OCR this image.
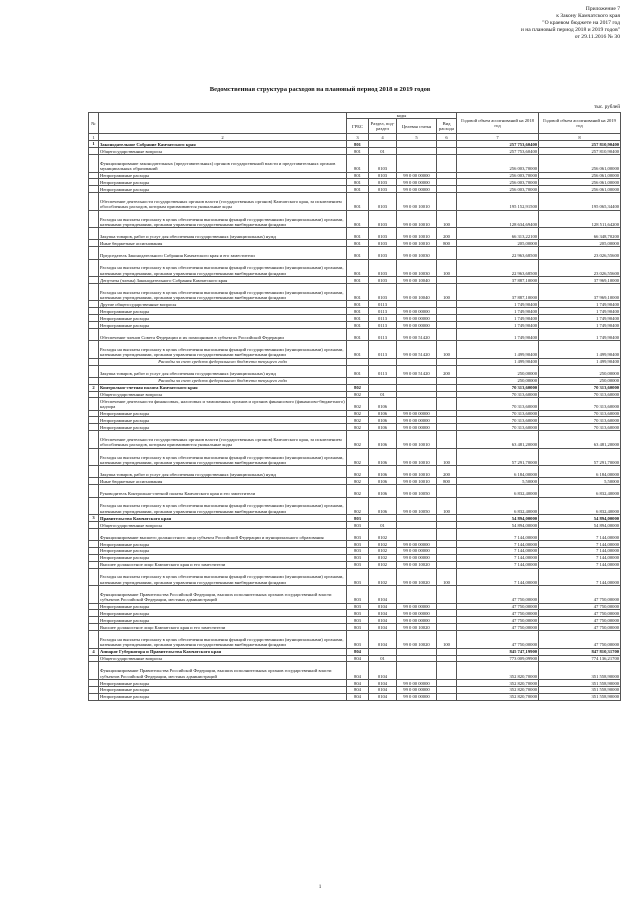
Приложение 7
к Закону Камчатского края
"О краевом бюджете на 2017 год
и на плановый период 2018 и 2019 годов"
от 29.11.2016 № 30
Ведомственная структура расходов на плановый период 2018 и 2019 годов
тыс. рублей
№		коды				Годовой объем ассигнований на 2018 год	Годовой объем ассигнований на 2019 год
		ГРБС	Раздел, под-раздел	Целевая статья	Вид расхода		
1	2	3	4	5	6	7	8
1	Законодательное Собрание Камчатского края	801				257 753,60400	257 810,90400
	Общегосударственные вопросы	801	01			257 753,60400	257 810,90400
	Функционирование законодательных (представительных) органов государственной власти и представительных органов муниципальных образований	801	0103			256 003,70000	256 061,00000
	Непрограммные расходы	801	0103	99 0 00 00000		256 003,70000	256 061,00000
	Непрограммные расходы	801	0103	99 0 00 00000		256 003,70000	256 061,00000
	Непрограммные расходы	801	0103	99 0 00 00000		256 003,70000	256 061,00000
	Обеспечение деятельности государственных органов власти (государственных органов) Камчатского края, за исключением обособленных расходов, которым присваиваются уникальные коды	801	0103	99 0 00 10010		195 152,91500	195 065,34400
	Расходы на выплаты персоналу в целях обеспечения выполнения функций государственными (муниципальными) органами, казенными учреждениями, органами управления государственными внебюджетными фондами	801	0103	99 0 00 10010	100	128 634,69400	128 511,64200
	Закупка товаров, работ и услуг для обеспечения государственных (муниципальных) нужд	801	0103	99 0 00 10010	200	66 313,22100	66 348,70200
	Иные бюджетные ассигнования	801	0103	99 0 00 10010	800	205,00000	205,00000
	Председатель Законодательного Собрания Камчатского края и его заместители	801	0103	99 0 00 10030		22 963,68500	23 026,55600
	Расходы на выплаты персоналу в целях обеспечения выполнения функций государственными (муниципальными) органами, казенными учреждениями, органами управления государственными внебюджетными фондами	801	0103	99 0 00 10030	100	22 963,68500	23 026,55600
	Депутаты (члены) Законодательного Собрания Камчатского края	801	0103	99 0 00 10040		37 887,10000	37 969,10000
	Расходы на выплаты персоналу в целях обеспечения выполнения функций государственными (муниципальными) органами, казенными учреждениями, органами управления государственными внебюджетными фондами	801	0103	99 0 00 10040	100	37 887,10000	37 969,10000
	Другие общегосударственные вопросы	801	0113			1 749,90400	1 749,90400
	Непрограммные расходы	801	0113	99 0 00 00000		1 749,90400	1 749,90400
	Непрограммные расходы	801	0113	99 0 00 00000		1 749,90400	1 749,90400
	Непрограммные расходы	801	0113	99 0 00 00000		1 749,90400	1 749,90400
	Обеспечение членов Совета Федерации и их помощников в субъектах Российской Федерации	801	0113	99 0 00 51420		1 749,90400	1 749,90400
	Расходы на выплаты персоналу в целях обеспечения выполнения функций государственными (муниципальными) органами, казенными учреждениями, органами управления государственными внебюджетными фондами	801	0113	99 0 00 51420	100	1 499,90400	1 499,90400
	Расходы за счет средств федерального бюджета текущего года					1 499,90400	1 499,90400
	Закупка товаров, работ и услуг для обеспечения государственных (муниципальных) нужд	801	0113	99 0 00 51420	200	250,00000	250,00000
	Расходы за счет средств федерального бюджета текущего года					250,00000	250,00000
2	Контрольно-счетная палата Камчатского края	802				70 313,60000	70 313,60000
	Общегосударственные вопросы	802	01			70 313,60000	70 313,60000
	Обеспечение деятельности финансовых, налоговых и таможенных органов и органов финансового (финансово-бюджетного) надзора	802	0106			70 313,60000	70 313,60000
	Непрограммные расходы	802	0106	99 0 00 00000		70 313,60000	70 313,60000
	Непрограммные расходы	802	0106	99 0 00 00000		70 313,60000	70 313,60000
	Непрограммные расходы	802	0106	99 0 00 00000		70 313,60000	70 313,60000
	Обеспечение деятельности государственных органов власти (государственных органов) Камчатского края, за исключением обособленных расходов, которым присваиваются уникальные коды	802	0106	99 0 00 10010		63 481,20000	63 481,20000
	Расходы на выплаты персоналу в целях обеспечения выполнения функций государственными (муниципальными) органами, казенными учреждениями, органами управления государственными внебюджетными фондами	802	0106	99 0 00 10010	100	57 291,70000	57 291,70000
	Закупка товаров, работ и услуг для обеспечения государственных (муниципальных) нужд	802	0106	99 0 00 10010	200	6 184,00000	6 184,00000
	Иные бюджетные ассигнования	802	0106	99 0 00 10010	800	5,50000	5,50000
	Руководитель Контрольно-счетной палаты Камчатского края и его заместители	802	0106	99 0 00 10050		6 832,40000	6 832,40000
	Расходы на выплаты персоналу в целях обеспечения выполнения функций государственными (муниципальными) органами, казенными учреждениями, органами управления государственными внебюджетными фондами	802	0106	99 0 00 10050	100	6 832,40000	6 832,40000
3	Правительство Камчатского края	803				54 894,00000	54 894,00000
	Общегосударственные вопросы	803	01			54 894,00000	54 894,00000
	Функционирование высшего должностного лица субъекта Российской Федерации и муниципального образования	803	0102			7 144,00000	7 144,00000
	Непрограммные расходы	803	0102	99 0 00 00000		7 144,00000	7 144,00000
	Непрограммные расходы	803	0102	99 0 00 00000		7 144,00000	7 144,00000
	Непрограммные расходы	803	0102	99 0 00 00000		7 144,00000	7 144,00000
	Высшее должностное лицо Камчатского края и его заместители	803	0102	99 0 00 10020		7 144,00000	7 144,00000
	Расходы на выплаты персоналу в целях обеспечения выполнения функций государственными (муниципальными) органами, казенными учреждениями, органами управления государственными внебюджетными фондами	803	0102	99 0 00 10020	100	7 144,00000	7 144,00000
	Функционирование Правительства Российской Федерации, высших исполнительных органов государственной власти субъектов Российской Федерации, местных администраций	803	0104			47 750,00000	47 750,00000
	Непрограммные расходы	803	0104	99 0 00 00000		47 750,00000	47 750,00000
	Непрограммные расходы	803	0104	99 0 00 00000		47 750,00000	47 750,00000
	Непрограммные расходы	803	0104	99 0 00 00000		47 750,00000	47 750,00000
	Высшее должностное лицо Камчатского края и его заместители	803	0104	99 0 00 10020		47 750,00000	47 750,00000
	Расходы на выплаты персоналу в целях обеспечения выполнения функций государственными (муниципальными) органами, казенными учреждениями, органами управления государственными внебюджетными фондами	803	0104	99 0 00 10020	100	47 750,00000	47 750,00000
4	Аппарат Губернатора и Правительства Камчатского края	804				845 747,19900	847 810,31700
	Общегосударственные вопросы	804	01			773 009,09900	774 136,21700
	Функционирование Правительства Российской Федерации, высших исполнительных органов государственной власти субъектов Российской Федерации, местных администраций	804	0104			352 820,70000	351 558,90000
	Непрограммные расходы	804	0104	99 0 00 00000		352 820,70000	351 558,90000
	Непрограммные расходы	804	0104	99 0 00 00000		352 820,70000	351 558,90000
	Непрограммные расходы	804	0104	99 0 00 00000		352 820,70000	351 558,90000
1
